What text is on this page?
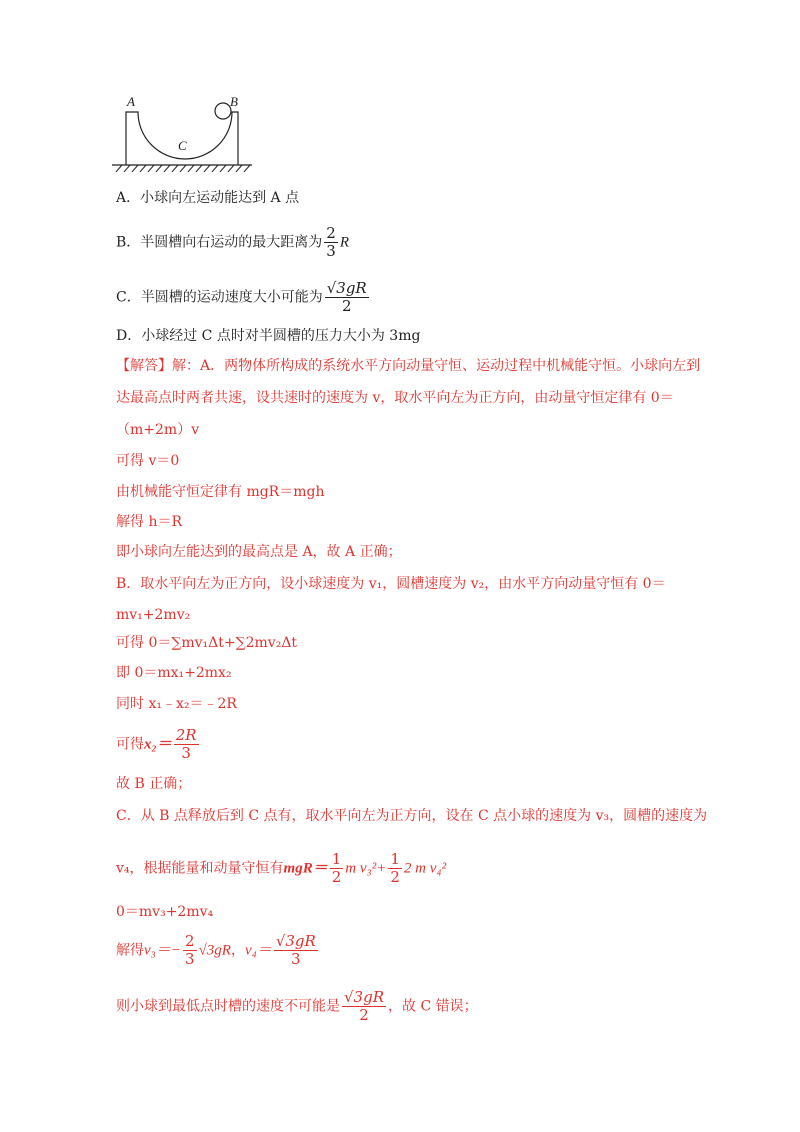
A	B
C
A．小球向左运动能达到 A 点
B．半圆槽向右运动的最大距离为 $\frac{2}{3}$ R
C．半圆槽的运动速度大小可能为 $\frac{√3gR}{2}$
D．小球经过 C 点时对半圆槽的压力大小为 3mg
【解答】解：A．两物体所构成的系统水平方向动量守恒、运动过程中机械能守恒。小球向左到
达最高点时两者共速，设共速时的速度为 v，取水平向左为正方向，由动量守恒定律有 0＝
（m+2m）v
可得 v＝0
由机械能守恒定律有 mgR＝mgh
解得 h＝R
即小球向左能达到的最高点是 A，故 A 正确；
B．取水平向左为正方向，设小球速度为 v₁，圆槽速度为 v₂，由水平方向动量守恒有 0＝
mv₁+2mv₂
可得 0＝∑mv₁Δt+∑2mv₂Δt
即 0＝mx₁+2mx₂
同时 x₁﹣x₂＝﹣2R
可得$x_2= \frac{2R}{3}$
故 B 正确；
C．从 B 点释放后到 C 点有，取水平向左为正方向，设在 C 点小球的速度为 v₃，圆槽的速度为
v₄，根据能量和动量守恒有$mgR= \frac{1}{2}$ m $v_3^2+ \frac{1}{2} 2$ m v₄²
0＝mv₃+2mv₄
解得$v_3=- \frac{2}{3} √3gR$，$v_4= \frac{√3gR}{3}$
则小球到最低点时槽的速度不可能是 $\frac{√3gR}{2}$ ，故 C 错误；
